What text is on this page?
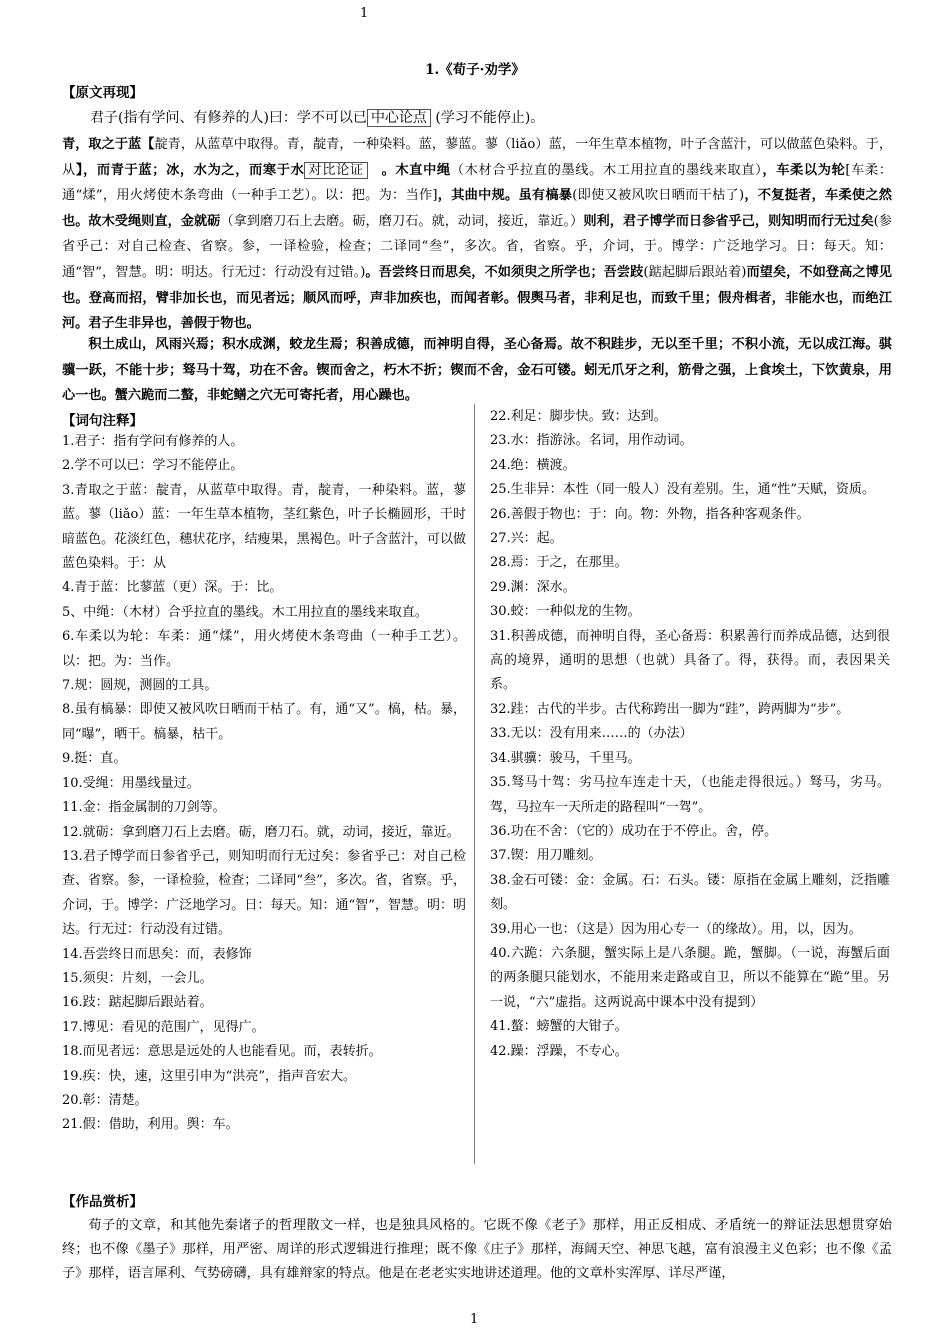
1
1.《荀子·劝学》
【原文再现】

君子(指有学问、有修养的人)曰：学不可以已 中心论点 (学习不能停止)。

青，取之于蓝【靛青，从蓝草中取得。青，靛青，一种染料。蓝，蓼蓝。蓼（liǎo）蓝，一年生草本植物，叶子含蓝汁，可以做蓝色染料。于，从】，而青于蓝；冰，水为之，而寒于水 对比论证　。木直中绳（木材合乎拉直的墨线。木工用拉直的墨线来取直），车柔以为轮[车柔：通“煣”，用火烤使木条弯曲（一种手工艺）。以：把。为：当作]，其曲中规。虽有槁暴(即使又被风吹日晒而干枯了)，不复挺者，车柔使之然也。故木受绳则直，金就砺（拿到磨刀石上去磨。砺，磨刀石。就，动词，接近，靠近。）则利，君子博学而日参省乎己，则知明而行无过矣(参省乎己：对自己检查、省察。参，一译检验，检查；二译同“叁”，多次。省，省察。乎，介词，于。博学：广泛地学习。日：每天。知：通“智”，智慧。明：明达。行无过：行动没有过错。)。吾尝终日而思矣，不如须臾之所学也；吾尝跂(踮起脚后跟站着)而望矣，不如登高之博见也。登高而招，臂非加长也，而见者远；顺风而呼，声非加疾也，而闻者彰。假舆马者，非利足也，而致千里；假舟楫者，非能水也，而绝江河。君子生非异也，善假于物也。

积土成山，风雨兴焉；积水成渊，蛟龙生焉；积善成德，而神明自得，圣心备焉。故不积跬步，无以至千里；不积小流，无以成江海。骐骥一跃，不能十步；驽马十驾，功在不舍。锲而舍之，朽木不折；锲而不舍，金石可镂。蚓无爪牙之利，筋骨之强，上食埃土，下饮黄泉，用心一也。蟹六跪而二螯，非蛇鳝之穴无可寄托者，用心躁也。

【词句注释】

1.君子：指有学问有修养的人。

2.学不可以已：学习不能停止。

3.青取之于蓝：靛青，从蓝草中取得。青，靛青，一种染料。蓝，蓼蓝。蓼（liǎo）蓝：一年生草本植物，茎红紫色，叶子长椭圆形，干时暗蓝色。花淡红色，穗状花序，结瘦果，黑褐色。叶子含蓝汁，可以做蓝色染料。于：从

4.青于蓝：比蓼蓝（更）深。于：比。

5、中绳：（木材）合乎拉直的墨线。木工用拉直的墨线来取直。

6.车柔以为轮：车柔：通“煣”，用火烤使木条弯曲（一种手工艺）。以：把。为：当作。

7.规：圆规，测圆的工具。

8.虽有槁暴：即使又被风吹日晒而干枯了。有，通“又”。槁，枯。暴，同“曝”，晒干。槁暴，枯干。

9.挺：直。

10.受绳：用墨线量过。

11.金：指金属制的刀剑等。

12.就砺：拿到磨刀石上去磨。砺，磨刀石。就，动词，接近，靠近。

13.君子博学而日参省乎己，则知明而行无过矣：参省乎己：对自己检查、省察。参，一译检验，检查；二译同“叁”，多次。省，省察。乎，介词，于。博学：广泛地学习。日：每天。知：通“智”，智慧。明：明达。行无过：行动没有过错。

14.吾尝终日而思矣：而，表修饰

15.须臾：片刻，一会儿。

16.跂：踮起脚后跟站着。

17.博见：看见的范围广，见得广。

18.而见者远：意思是远处的人也能看见。而，表转折。

19.疾：快，速，这里引申为“洪亮”，指声音宏大。

20.彰：清楚。

21.假：借助，利用。舆：车。

22.利足：脚步快。致：达到。

23.水：指游泳。名词，用作动词。

24.绝：横渡。

25.生非异：本性（同一般人）没有差别。生，通“性”天赋，资质。

26.善假于物也：于：向。物：外物，指各种客观条件。

27.兴：起。

28.焉：于之，在那里。

29.渊：深水。

30.蛟：一种似龙的生物。

31.积善成德，而神明自得，圣心备焉：积累善行而养成品德，达到很高的境界，通明的思想（也就）具备了。得，获得。而，表因果关系。

32.跬：古代的半步。古代称跨出一脚为“跬”，跨两脚为“步”。

33.无以：没有用来……的（办法）

34.骐骥：骏马，千里马。

35.驽马十驾：劣马拉车连走十天，（也能走得很远。）驽马，劣马。驾，马拉车一天所走的路程叫“一驾”。

36.功在不舍：（它的）成功在于不停止。舍，停。

37.锲：用刀雕刻。

38.金石可镂：金：金属。石：石头。镂：原指在金属上雕刻，泛指雕刻。

39.用心一也：（这是）因为用心专一（的缘故）。用，以，因为。

40.六跪：六条腿，蟹实际上是八条腿。跪，蟹脚。（一说，海蟹后面的两条腿只能划水，不能用来走路或自卫，所以不能算在“跪”里。另一说，“六”虚指。这两说高中课本中没有提到）

41.螯：螃蟹的大钳子。

42.躁：浮躁，不专心。

【作品赏析】

荀子的文章，和其他先秦诸子的哲理散文一样，也是独具风格的。它既不像《老子》那样，用正反相成、矛盾统一的辩证法思想贯穿始终；也不像《墨子》那样，用严密、周详的形式逻辑进行推理；既不像《庄子》那样，海阔天空、神思飞越，富有浪漫主义色彩；也不像《孟子》那样，语言犀利、气势磅礴，具有雄辩家的特点。他是在老老实实地讲述道理。他的文章朴实浑厚、详尽严谨，

1
